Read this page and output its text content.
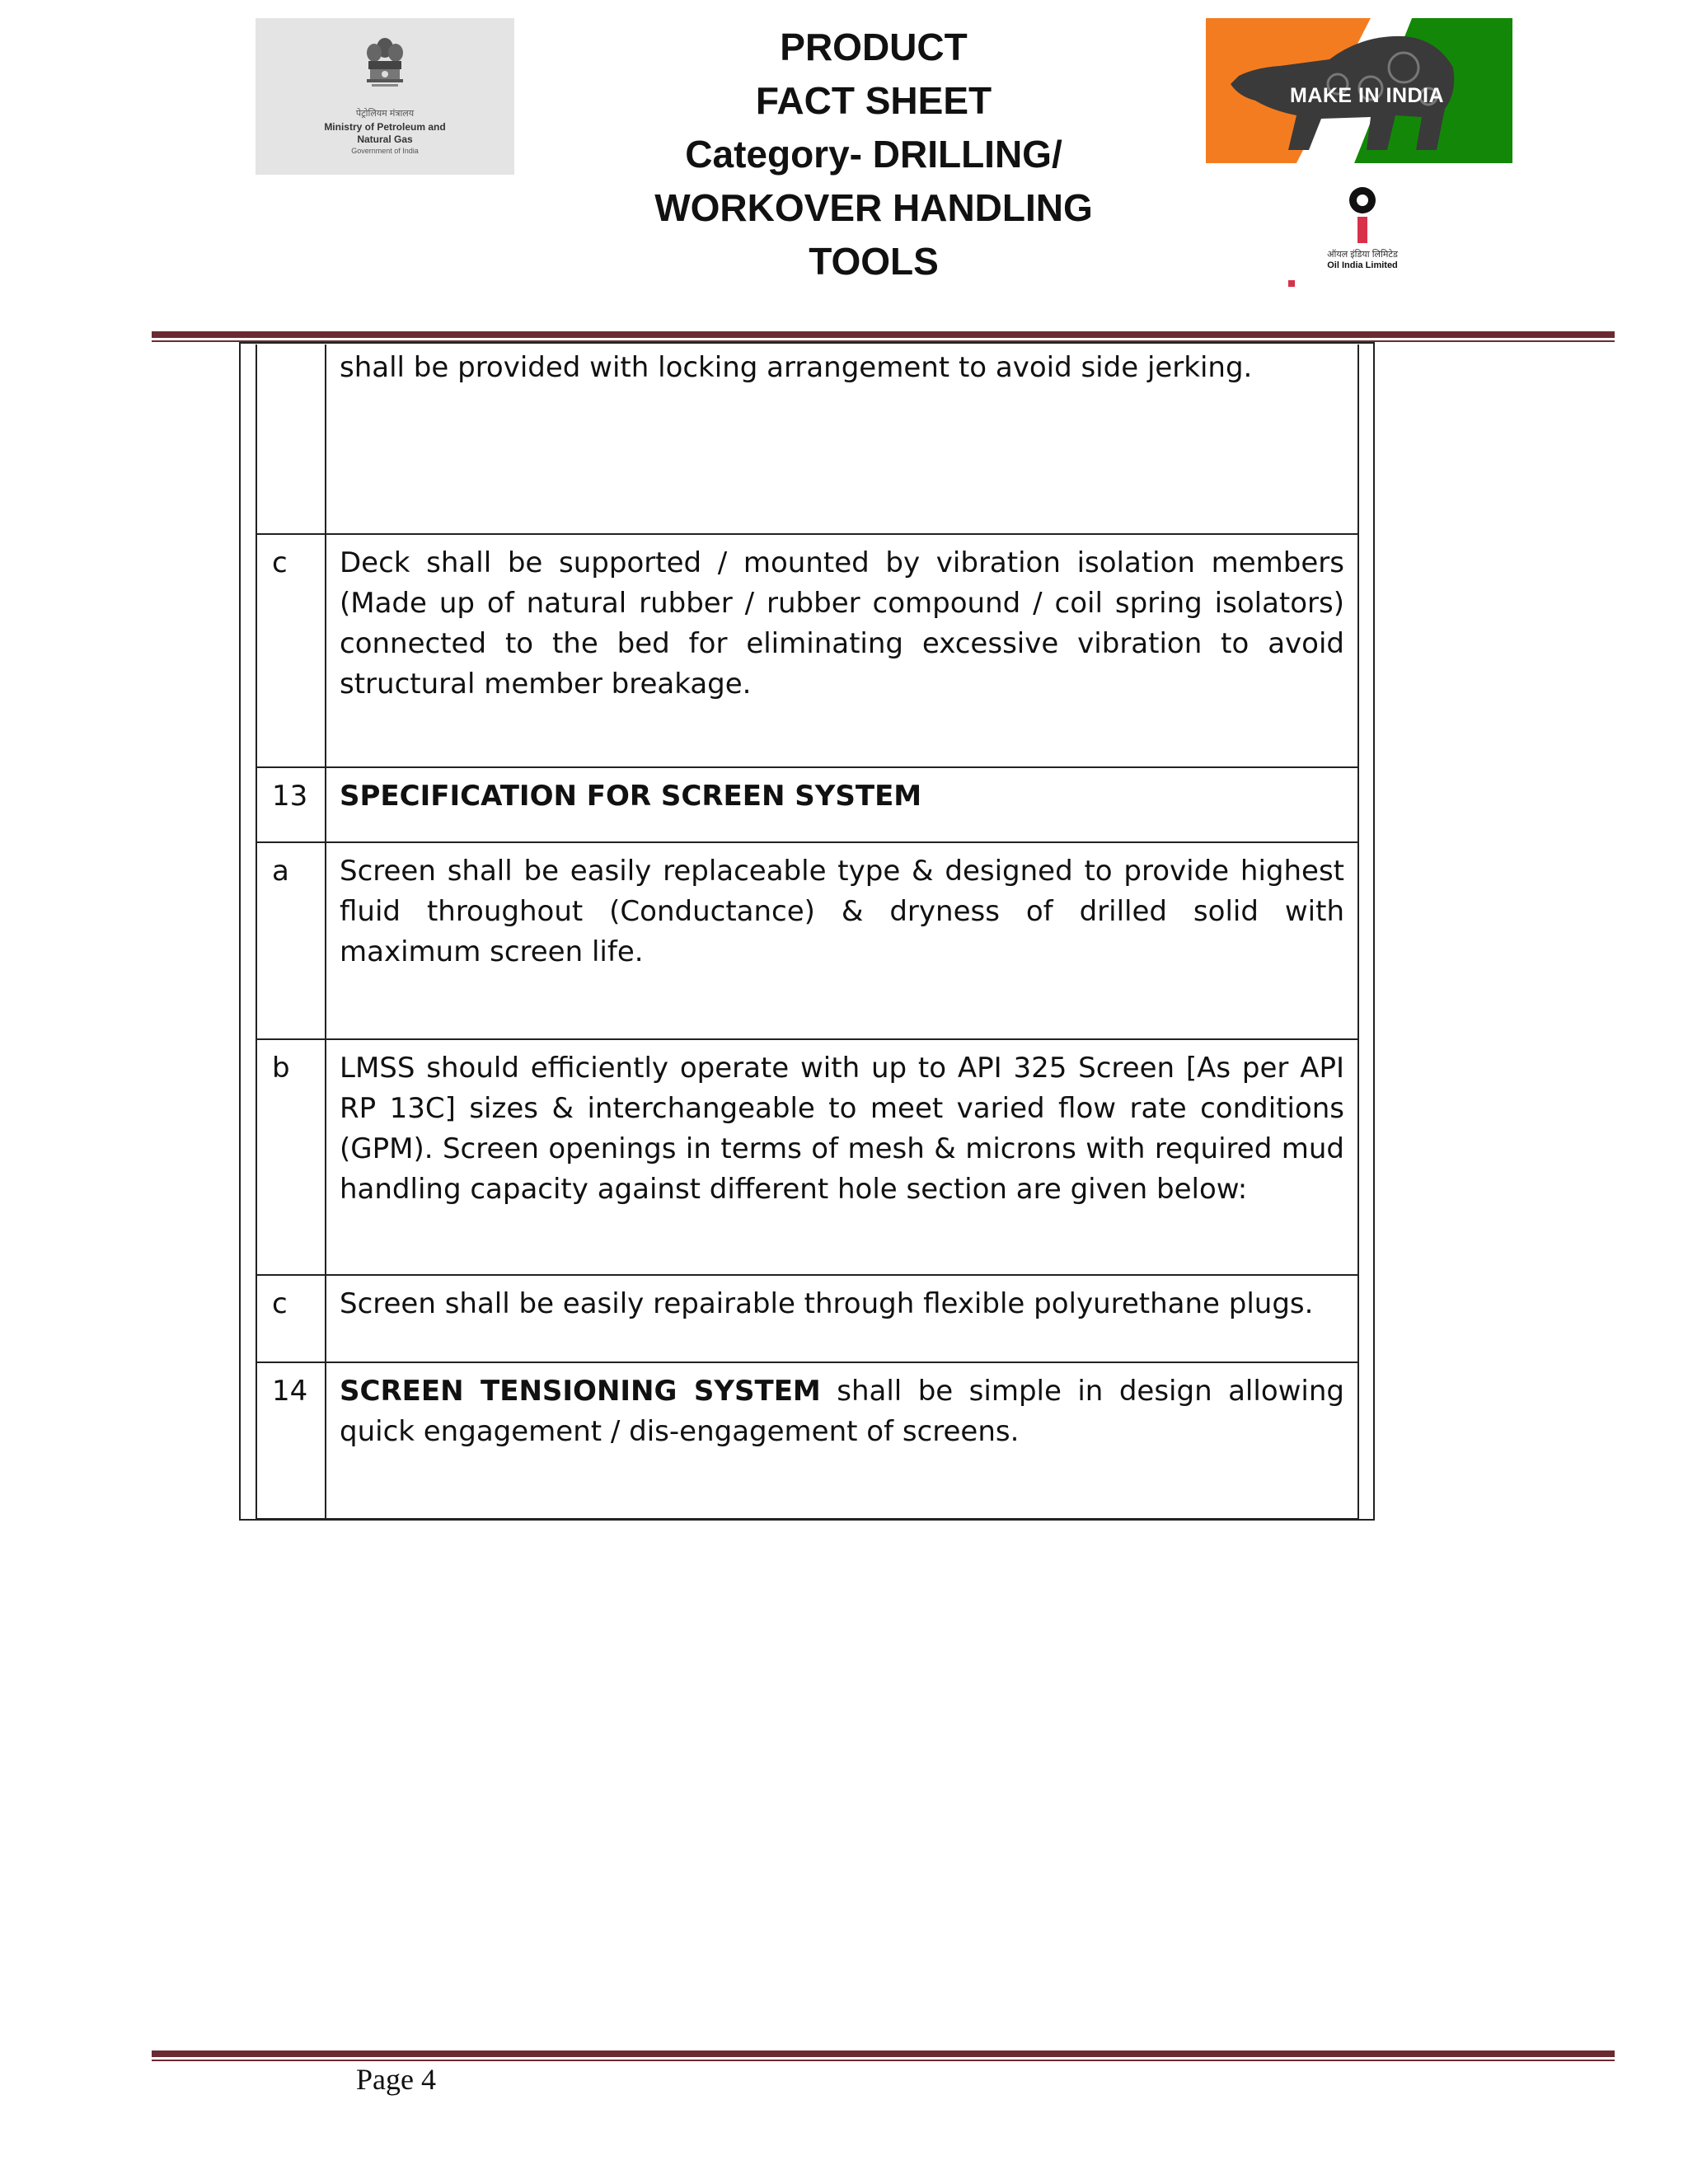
पेट्रोलियम मंत्रालय
Ministry of Petroleum and Natural Gas
Government of India
PRODUCT
FACT SHEET
Category- DRILLING/
WORKOVER HANDLING
TOOLS
MAKE IN INDIA
ऑयल इंडिया लिमिटेड
Oil India Limited
	shall be provided with locking arrangement to avoid side jerking.
c	Deck shall be supported / mounted by vibration isolation members (Made up of natural rubber / rubber compound / coil spring isolators) connected to the bed for eliminating excessive vibration to avoid structural member breakage.
13	SPECIFICATION FOR SCREEN SYSTEM
a	Screen shall be easily replaceable type & designed to provide highest fluid throughout (Conductance) & dryness of drilled solid with maximum screen life.
b	LMSS should efficiently operate with up to API 325 Screen [As per API RP 13C] sizes & interchangeable to meet varied flow rate conditions (GPM). Screen openings in terms of mesh & microns with required mud handling capacity against different hole section are given below:
c	Screen shall be easily repairable through flexible polyurethane plugs.
14	SCREEN TENSIONING SYSTEM shall be simple in design allowing quick engagement / dis-engagement of screens.
Page 4
